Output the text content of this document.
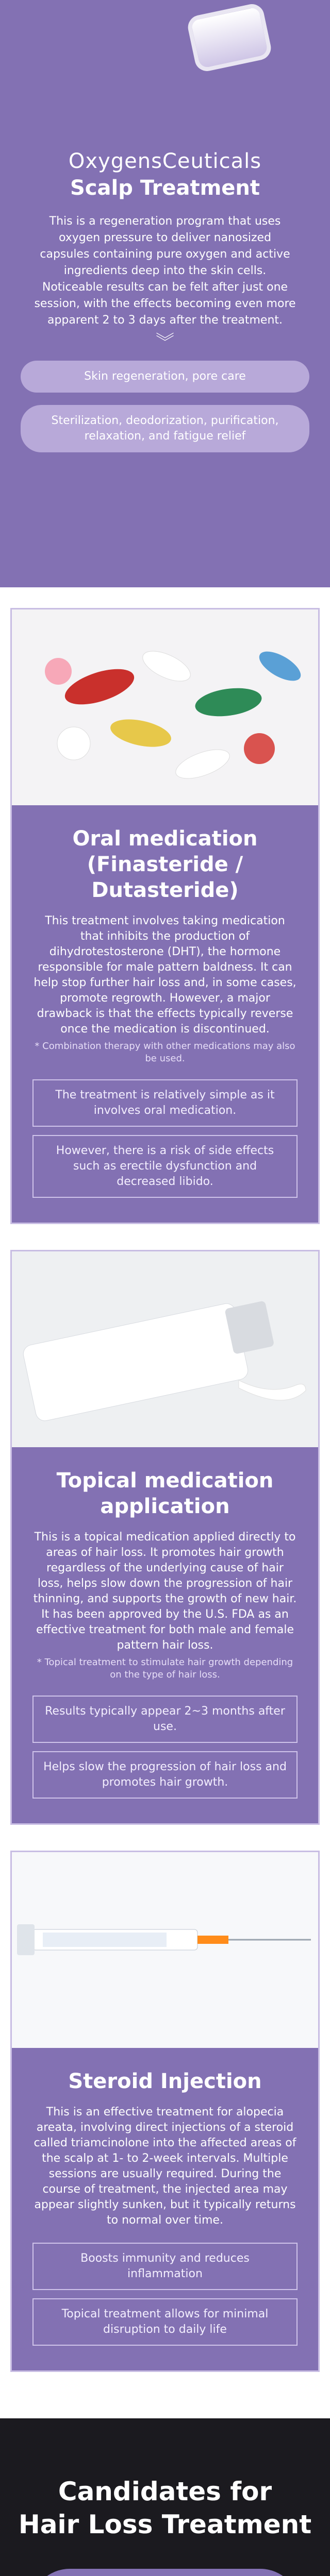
OxygensCeuticals
Scalp Treatment

This is a regeneration program that uses oxygen pressure to deliver nanosized capsules containing pure oxygen and active ingredients deep into the skin cells. Noticeable results can be felt after just one session, with the effects becoming even more apparent 2 to 3 days after the treatment.

︾
Skin regeneration, pore care
Sterilization, deodorization, purification, relaxation, and fatigue relief
Oral medication (Finasteride / Dutasteride)

This treatment involves taking medication that inhibits the production of dihydrotestosterone (DHT), the hormone responsible for male pattern baldness. It can help stop further hair loss and, in some cases, promote regrowth. However, a major drawback is that the effects typically reverse once the medication is discontinued.

* Combination therapy with other medications may also be used.

The treatment is relatively simple as it involves oral medication.
However, there is a risk of side effects such as erectile dysfunction and decreased libido.
Topical medication application

This is a topical medication applied directly to areas of hair loss. It promotes hair growth regardless of the underlying cause of hair loss, helps slow down the progression of hair thinning, and supports the growth of new hair. It has been approved by the U.S. FDA as an effective treatment for both male and female pattern hair loss.

* Topical treatment to stimulate hair growth depending on the type of hair loss.

Results typically appear 2~3 months after use.
Helps slow the progression of hair loss and promotes hair growth.
Steroid Injection

This is an effective treatment for alopecia areata, involving direct injections of a steroid called triamcinolone into the affected areas of the scalp at 1- to 2-week intervals. Multiple sessions are usually required. During the course of treatment, the injected area may appear slightly sunken, but it typically returns to normal over time.

Boosts immunity and reduces inflammation
Topical treatment allows for minimal disruption to daily life
Candidates for
Hair Loss Treatment
